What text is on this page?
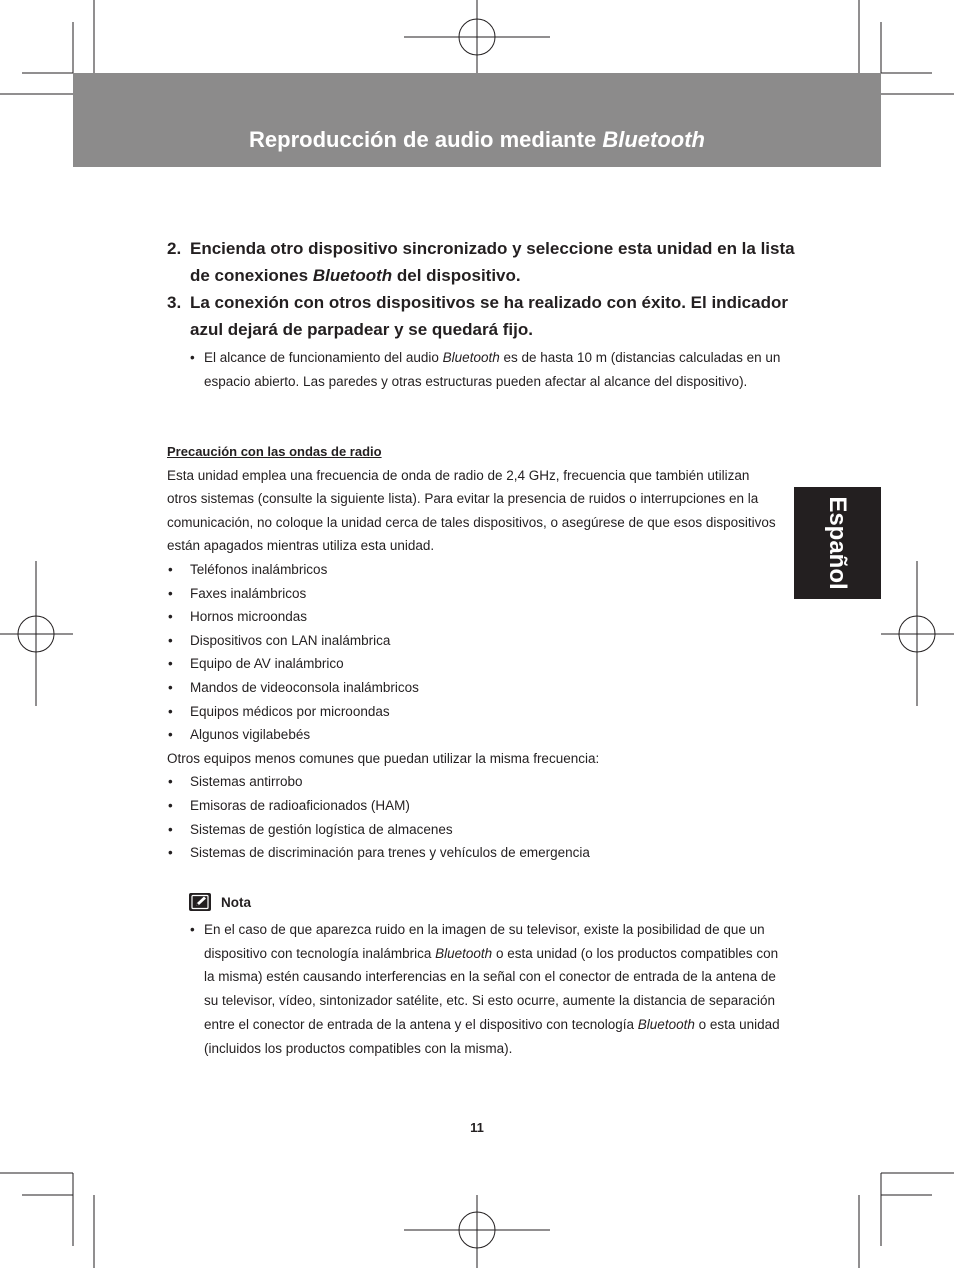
Reproducción de audio mediante Bluetooth
Español
2. Encienda otro dispositivo sincronizado y seleccione esta unidad en la lista de conexiones Bluetooth del dispositivo.
3. La conexión con otros dispositivos se ha realizado con éxito. El indicador azul dejará de parpadear y se quedará fijo.
• El alcance de funcionamiento del audio Bluetooth es de hasta 10 m (distancias calculadas en un espacio abierto. Las paredes y otras estructuras pueden afectar al alcance del dispositivo).
Precaución con las ondas de radio

Esta unidad emplea una frecuencia de onda de radio de 2,4 GHz, frecuencia que también utilizan otros sistemas (consulte la siguiente lista). Para evitar la presencia de ruidos o interrupciones en la comunicación, no coloque la unidad cerca de tales dispositivos, o asegúrese de que esos dispositivos están apagados mientras utiliza esta unidad.

• Teléfonos inalámbricos
• Faxes inalámbricos
• Hornos microondas
• Dispositivos con LAN inalámbrica
• Equipo de AV inalámbrico
• Mandos de videoconsola inalámbricos
• Equipos médicos por microondas
• Algunos vigilabebés

Otros equipos menos comunes que puedan utilizar la misma frecuencia:

• Sistemas antirrobo
• Emisoras de radioaficionados (HAM)
• Sistemas de gestión logística de almacenes
• Sistemas de discriminación para trenes y vehículos de emergencia
Nota
• En el caso de que aparezca ruido en la imagen de su televisor, existe la posibilidad de que un dispositivo con tecnología inalámbrica Bluetooth o esta unidad (o los productos compatibles con la misma) estén causando interferencias en la señal con el conector de entrada de la antena de su televisor, vídeo, sintonizador satélite, etc. Si esto ocurre, aumente la distancia de separación entre el conector de entrada de la antena y el dispositivo con tecnología Bluetooth o esta unidad (incluidos los productos compatibles con la misma).
11
